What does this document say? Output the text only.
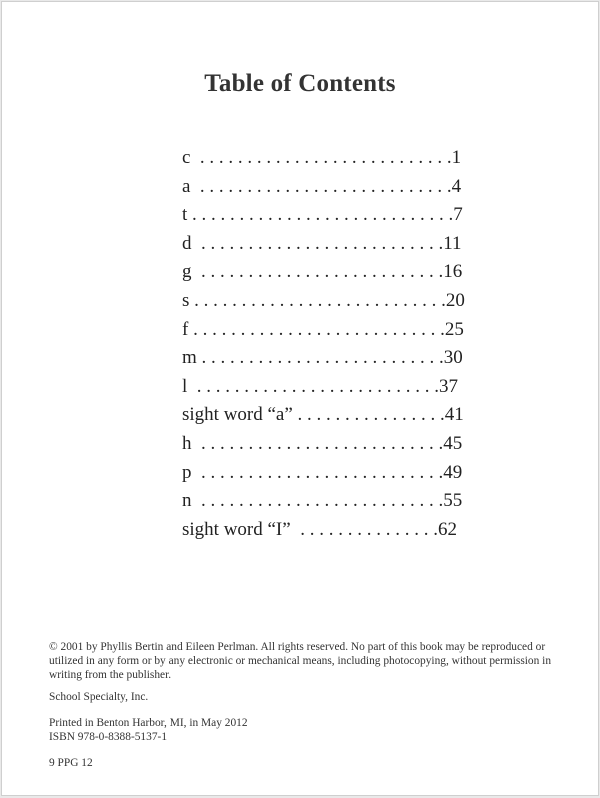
Table of Contents
c  . . . . . . . . . . . . . . . . . . . . . . . . . . .1
a  . . . . . . . . . . . . . . . . . . . . . . . . . . .4
t . . . . . . . . . . . . . . . . . . . . . . . . . . . .7
d  . . . . . . . . . . . . . . . . . . . . . . . . . .11
g  . . . . . . . . . . . . . . . . . . . . . . . . . .16
s . . . . . . . . . . . . . . . . . . . . . . . . . . .20
f . . . . . . . . . . . . . . . . . . . . . . . . . . .25
m . . . . . . . . . . . . . . . . . . . . . . . . . .30
l  . . . . . . . . . . . . . . . . . . . . . . . . . .37
sight word “a” . . . . . . . . . . . . . . . .41
h  . . . . . . . . . . . . . . . . . . . . . . . . . .45
p  . . . . . . . . . . . . . . . . . . . . . . . . . .49
n  . . . . . . . . . . . . . . . . . . . . . . . . . .55
sight word “I”  . . . . . . . . . . . . . . .62

© 2001 by Phyllis Bertin and Eileen Perlman. All rights reserved. No part of this book may be reproduced or utilized in any form or by any electronic or mechanical means, including photocopying, without permission in writing from the publisher.

School Specialty, Inc.

Printed in Benton Harbor, MI, in May 2012

ISBN 978-0-8388-5137-1

9 PPG 12
